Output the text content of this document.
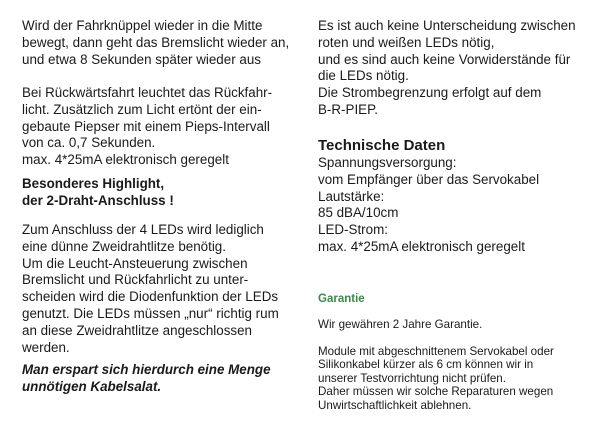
Wird der Fahrknüppel wieder in die Mitte
bewegt, dann geht das Bremslicht wieder an,
und etwa 8 Sekunden später wieder aus
Bei Rückwärtsfahrt leuchtet das Rückfahr-
licht. Zusätzlich zum Licht ertönt der ein-
gebaute Piepser mit einem Pieps-Intervall
von ca. 0,7 Sekunden.
max. 4*25mA elektronisch geregelt
Besonderes Highlight,
der 2-Draht-Anschluss !
Zum Anschluss der 4 LEDs wird lediglich
eine dünne Zweidrahtlitze benötig.
Um die Leucht-Ansteuerung zwischen
Bremslicht und Rückfahrlicht zu unter-
scheiden wird die Diodenfunktion der LEDs
genutzt. Die LEDs müssen „nur“ richtig rum
an diese Zweidrahtlitze angeschlossen
werden.
Man erspart sich hierdurch eine Menge
unnötigen Kabelsalat.
Es ist auch keine Unterscheidung zwischen
roten und weißen LEDs nötig,
und es sind auch keine Vorwiderstände für
die LEDs nötig.
Die Strombegrenzung erfolgt auf dem
B-R-PIEP.
Technische Daten
Spannungsversorgung:
vom Empfänger über das Servokabel
Lautstärke:
85 dBA/10cm
LED-Strom:
max. 4*25mA elektronisch geregelt
Garantie
Wir gewähren 2 Jahre Garantie.
Module mit abgeschnittenem Servokabel oder
Silikonkabel kürzer als 6 cm können wir in
unserer Testvorrichtung nicht prüfen.
Daher müssen wir solche Reparaturen wegen
Unwirtschaftlichkeit ablehnen.
